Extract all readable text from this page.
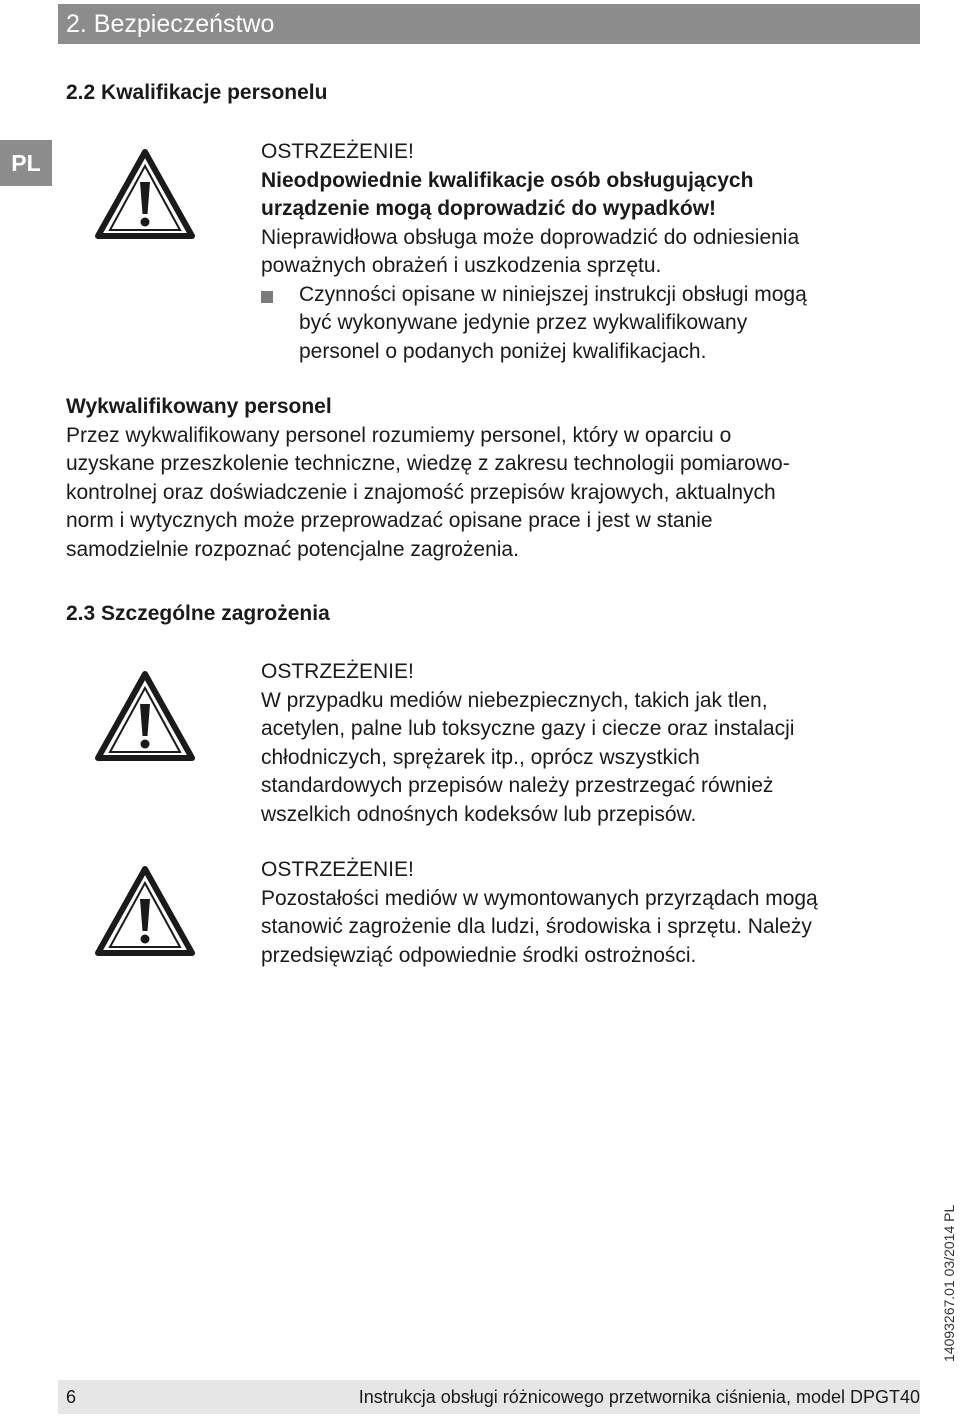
2. Bezpieczeństwo
PL
2.2 Kwalifikacje personelu
OSTRZEŻENIE!
Nieodpowiednie kwalifikacje osób obsługujących
urządzenie mogą doprowadzić do wypadków!
Nieprawidłowa obsługa może doprowadzić do odniesienia
poważnych obrażeń i uszkodzenia sprzętu.
Czynności opisane w niniejszej instrukcji obsługi mogą
być wykonywane jedynie przez wykwalifikowany
personel o podanych poniżej kwalifikacjach.
Wykwalifikowany personel
Przez wykwalifikowany personel rozumiemy personel, który w oparciu o
uzyskane przeszkolenie techniczne, wiedzę z zakresu technologii pomiarowo-
kontrolnej oraz doświadczenie i znajomość przepisów krajowych, aktualnych
norm i wytycznych może przeprowadzać opisane prace i jest w stanie
samodzielnie rozpoznać potencjalne zagrożenia.
2.3 Szczególne zagrożenia
OSTRZEŻENIE!
W przypadku mediów niebezpiecznych, takich jak tlen,
acetylen, palne lub toksyczne gazy i ciecze oraz instalacji
chłodniczych, sprężarek itp., oprócz wszystkich
standardowych przepisów należy przestrzegać również
wszelkich odnośnych kodeksów lub przepisów.
OSTRZEŻENIE!
Pozostałości mediów w wymontowanych przyrządach mogą
stanowić zagrożenie dla ludzi, środowiska i sprzętu. Należy
przedsięwziąć odpowiednie środki ostrożności.
14093267.01 03/2014 PL
6	Instrukcja obsługi różnicowego przetwornika ciśnienia, model DPGT40
